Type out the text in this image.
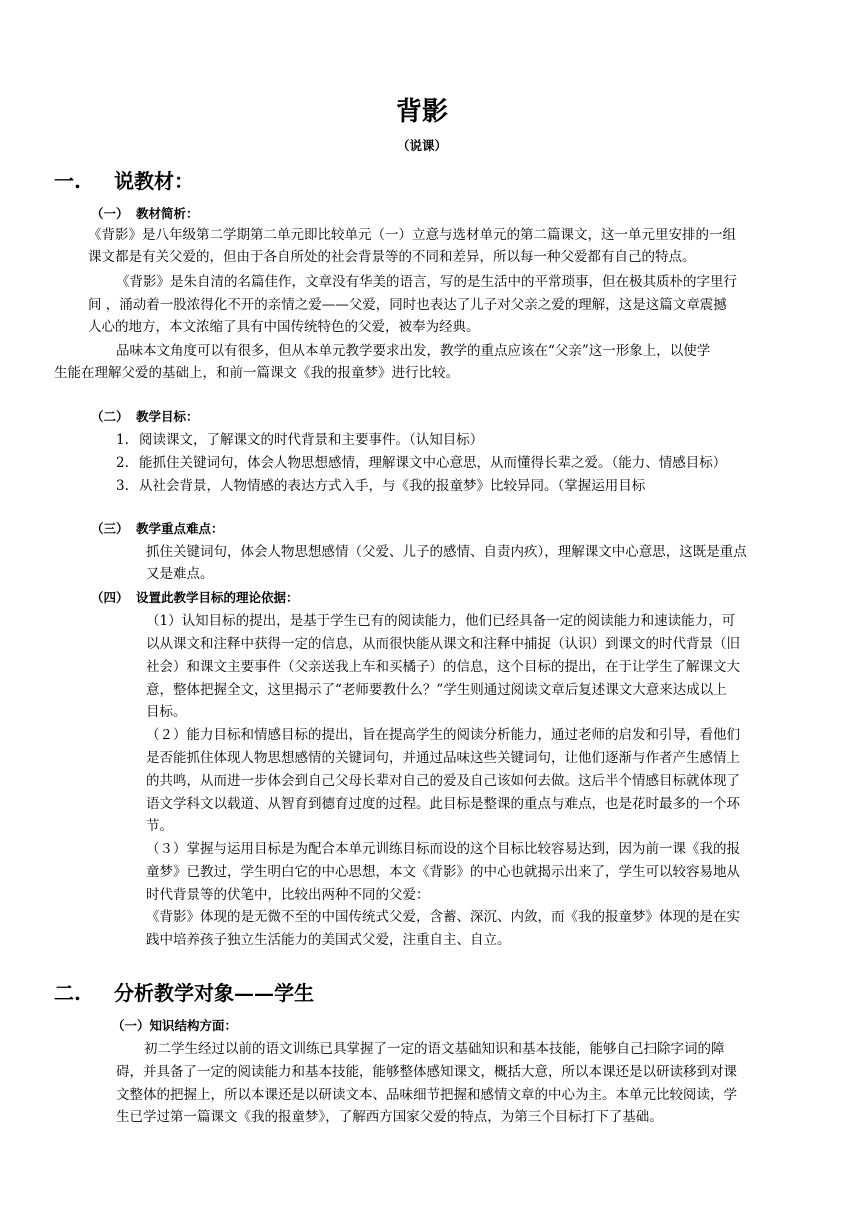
背影
（说课）
一. 说教材：
（一） 教材简析：
《背影》是八年级第二学期第二单元即比较单元（一）立意与选材单元的第二篇课文，这一单元里安排的一组
课文都是有关父爱的，但由于各自所处的社会背景等的不同和差异，所以每一种父爱都有自己的特点。
《背影》是朱自清的名篇佳作，文章没有华美的语言，写的是生活中的平常琐事，但在极其质朴的字里行
间 ，涌动着一股浓得化不开的亲情之爱——父爱，同时也表达了儿子对父亲之爱的理解，这是这篇文章震撼
人心的地方，本文浓缩了具有中国传统特色的父爱，被奉为经典。
品味本文角度可以有很多，但从本单元教学要求出发，教学的重点应该在“父亲”这一形象上，以使学
生能在理解父爱的基础上，和前一篇课文《我的报童梦》进行比较。
（二） 教学目标：
1. 阅读课文，了解课文的时代背景和主要事件。（认知目标）
2. 能抓住关键词句，体会人物思想感情，理解课文中心意思，从而懂得长辈之爱。（能力、情感目标）
3. 从社会背景，人物情感的表达方式入手，与《我的报童梦》比较异同。（掌握运用目标
（三） 教学重点难点：
抓住关键词句，体会人物思想感情（父爱、儿子的感情、自责内疚），理解课文中心意思，这既是重点
又是难点。
（四） 设置此教学目标的理论依据：
（1）认知目标的提出，是基于学生已有的阅读能力，他们已经具备一定的阅读能力和速读能力，可
以从课文和注释中获得一定的信息，从而很快能从课文和注释中捕捉（认识）到课文的时代背景（旧
社会）和课文主要事件（父亲送我上车和买橘子）的信息，这个目标的提出，在于让学生了解课文大
意，整体把握全文，这里揭示了“老师要教什么？”学生则通过阅读文章后复述课文大意来达成以上
目标。
（２）能力目标和情感目标的提出，旨在提高学生的阅读分析能力，通过老师的启发和引导，看他们
是否能抓住体现人物思想感情的关键词句，并通过品味这些关键词句，让他们逐渐与作者产生感情上
的共鸣，从而进一步体会到自己父母长辈对自己的爱及自己该如何去做。这后半个情感目标就体现了
语文学科文以载道、从智育到德育过度的过程。此目标是整课的重点与难点，也是花时最多的一个环
节。
（３）掌握与运用目标是为配合本单元训练目标而设的这个目标比较容易达到，因为前一课《我的报
童梦》已教过，学生明白它的中心思想，本文《背影》的中心也就揭示出来了，学生可以较容易地从
时代背景等的伏笔中，比较出两种不同的父爱：
《背影》体现的是无微不至的中国传统式父爱，含蓄、深沉、内敛，而《我的报童梦》体现的是在实
践中培养孩子独立生活能力的美国式父爱，注重自主、自立。
二. 分析教学对象——学生
（一）知识结构方面：
初二学生经过以前的语文训练已具掌握了一定的语文基础知识和基本技能，能够自己扫除字词的障
碍，并具备了一定的阅读能力和基本技能，能够整体感知课文，概括大意，所以本课还是以研读移到对课
文整体的把握上，所以本课还是以研读文本、品味细节把握和感情文章的中心为主。本单元比较阅读，学
生已学过第一篇课文《我的报童梦》，了解西方国家父爱的特点，为第三个目标打下了基础。
